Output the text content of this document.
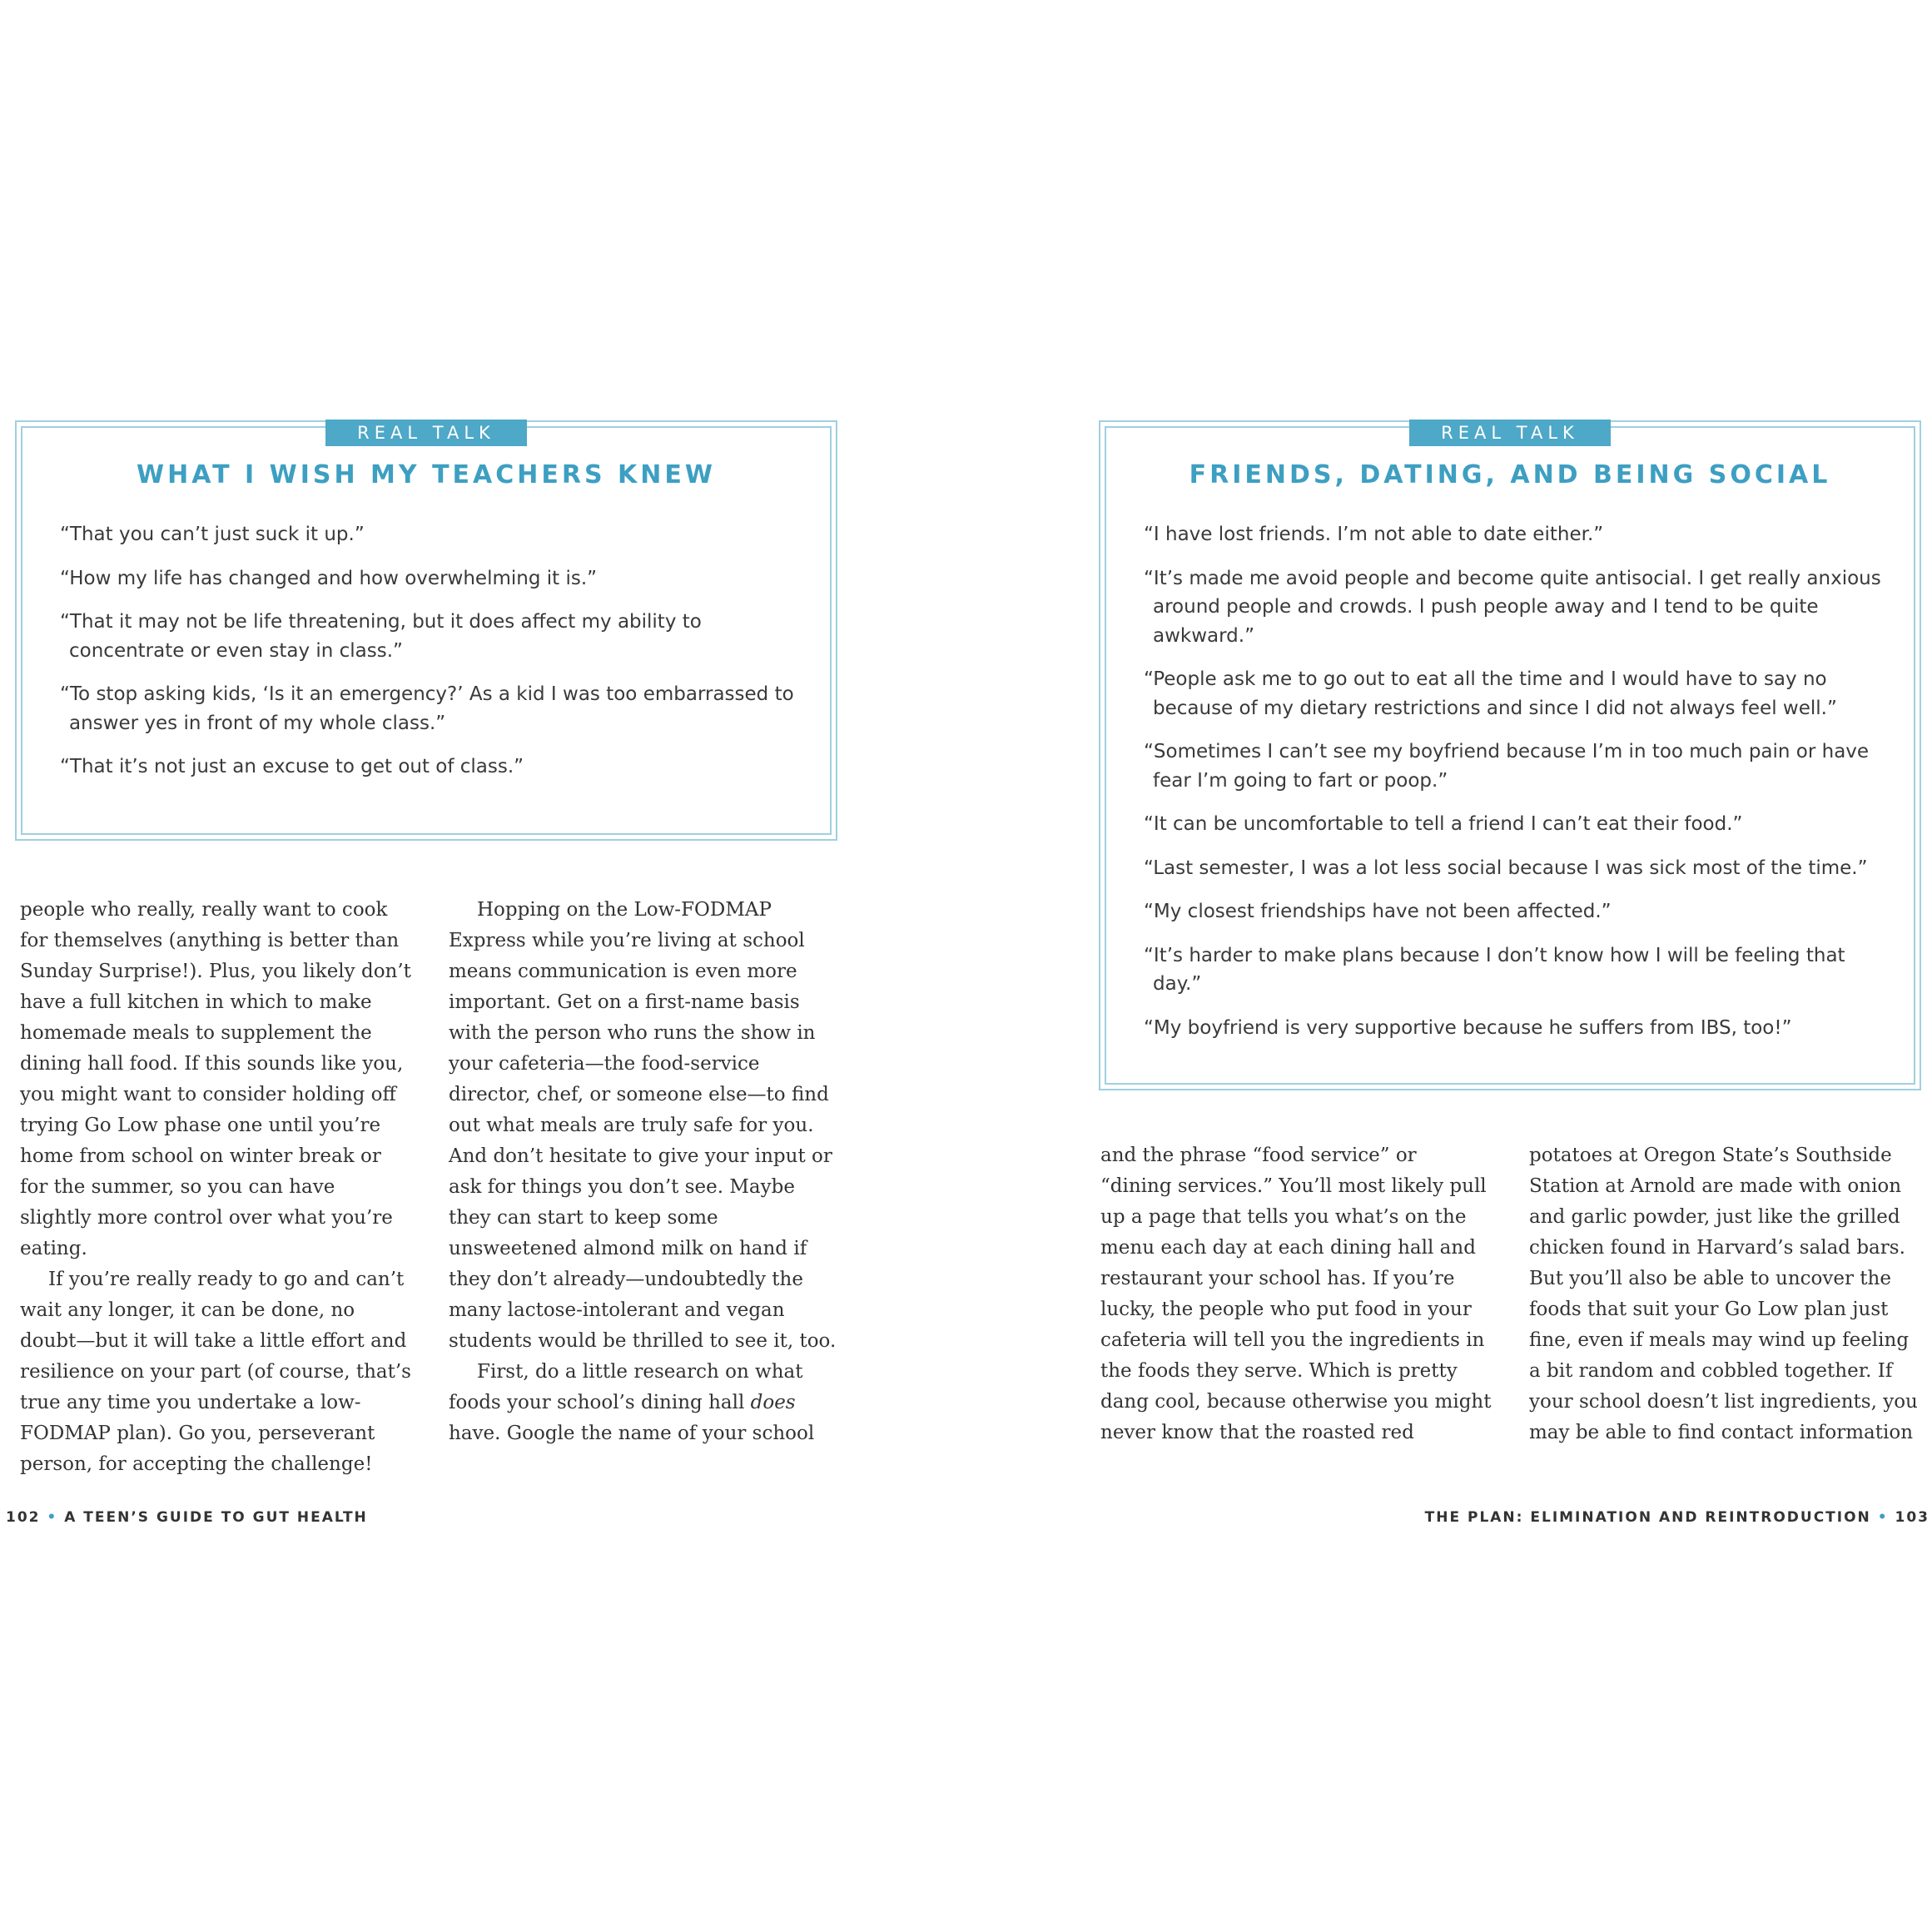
REAL TALK
WHAT I WISH MY TEACHERS KNEW
“That you can’t just suck it up.”
“How my life has changed and how overwhelming it is.”
“That it may not be life threatening, but it does affect my ability to concentrate or even stay in class.”
“To stop asking kids, ‘Is it an emergency?’ As a kid I was too embarrassed to answer yes in front of my whole class.”
“That it’s not just an excuse to get out of class.”

people who really, really want to cook for themselves (anything is better than Sunday Surprise!). Plus, you likely don’t have a full kitchen in which to make homemade meals to supplement the dining hall food. If this sounds like you, you might want to consider holding off trying Go Low phase one until you’re home from school on winter break or for the summer, so you can have slightly more control over what you’re eating.

If you’re really ready to go and can’t wait any longer, it can be done, no doubt—but it will take a little effort and resilience on your part (of course, that’s true any time you undertake a low-FODMAP plan). Go you, perseverant person, for accepting the challenge!

Hopping on the Low-FODMAP Express while you’re living at school means communication is even more important. Get on a first-name basis with the person who runs the show in your cafeteria—the food-service director, chef, or someone else—to find out what meals are truly safe for you. And don’t hesitate to give your input or ask for things you don’t see. Maybe they can start to keep some unsweetened almond milk on hand if they don’t already—undoubtedly the many lactose-intolerant and vegan students would be thrilled to see it, too.

First, do a little research on what foods your school’s dining hall does have. Google the name of your school

102 • A TEEN’S GUIDE TO GUT HEALTH
REAL TALK
FRIENDS, DATING, AND BEING SOCIAL
“I have lost friends. I’m not able to date either.”
“It’s made me avoid people and become quite antisocial. I get really anxious around people and crowds. I push people away and I tend to be quite awkward.”
“People ask me to go out to eat all the time and I would have to say no because of my dietary restrictions and since I did not always feel well.”
“Sometimes I can’t see my boyfriend because I’m in too much pain or have fear I’m going to fart or poop.”
“It can be uncomfortable to tell a friend I can’t eat their food.”
“Last semester, I was a lot less social because I was sick most of the time.”
“My closest friendships have not been affected.”
“It’s harder to make plans because I don’t know how I will be feeling that day.”
“My boyfriend is very supportive because he suffers from IBS, too!”

and the phrase “food service” or “dining services.” You’ll most likely pull up a page that tells you what’s on the menu each day at each dining hall and restaurant your school has. If you’re lucky, the people who put food in your cafeteria will tell you the ingredients in the foods they serve. Which is pretty dang cool, because otherwise you might never know that the roasted red

potatoes at Oregon State’s Southside Station at Arnold are made with onion and garlic powder, just like the grilled chicken found in Harvard’s salad bars. But you’ll also be able to uncover the foods that suit your Go Low plan just fine, even if meals may wind up feeling a bit random and cobbled together. If your school doesn’t list ingredients, you may be able to find contact information

THE PLAN: ELIMINATION AND REINTRODUCTION • 103
